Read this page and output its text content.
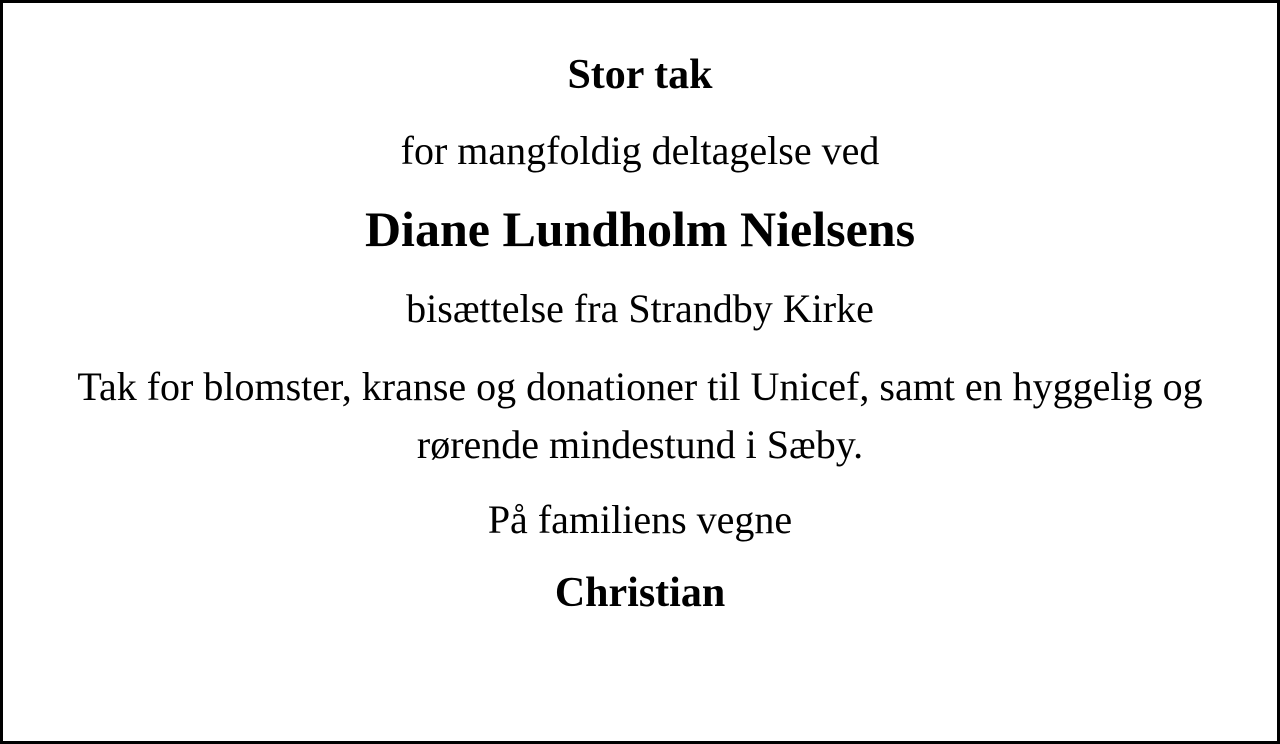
Stor tak
for mangfoldig deltagelse ved
Diane Lundholm Nielsens
bisættelse fra Strandby Kirke
Tak for blomster, kranse og donationer til Unicef, samt en hyggelig og rørende mindestund i Sæby.
På familiens vegne
Christian
